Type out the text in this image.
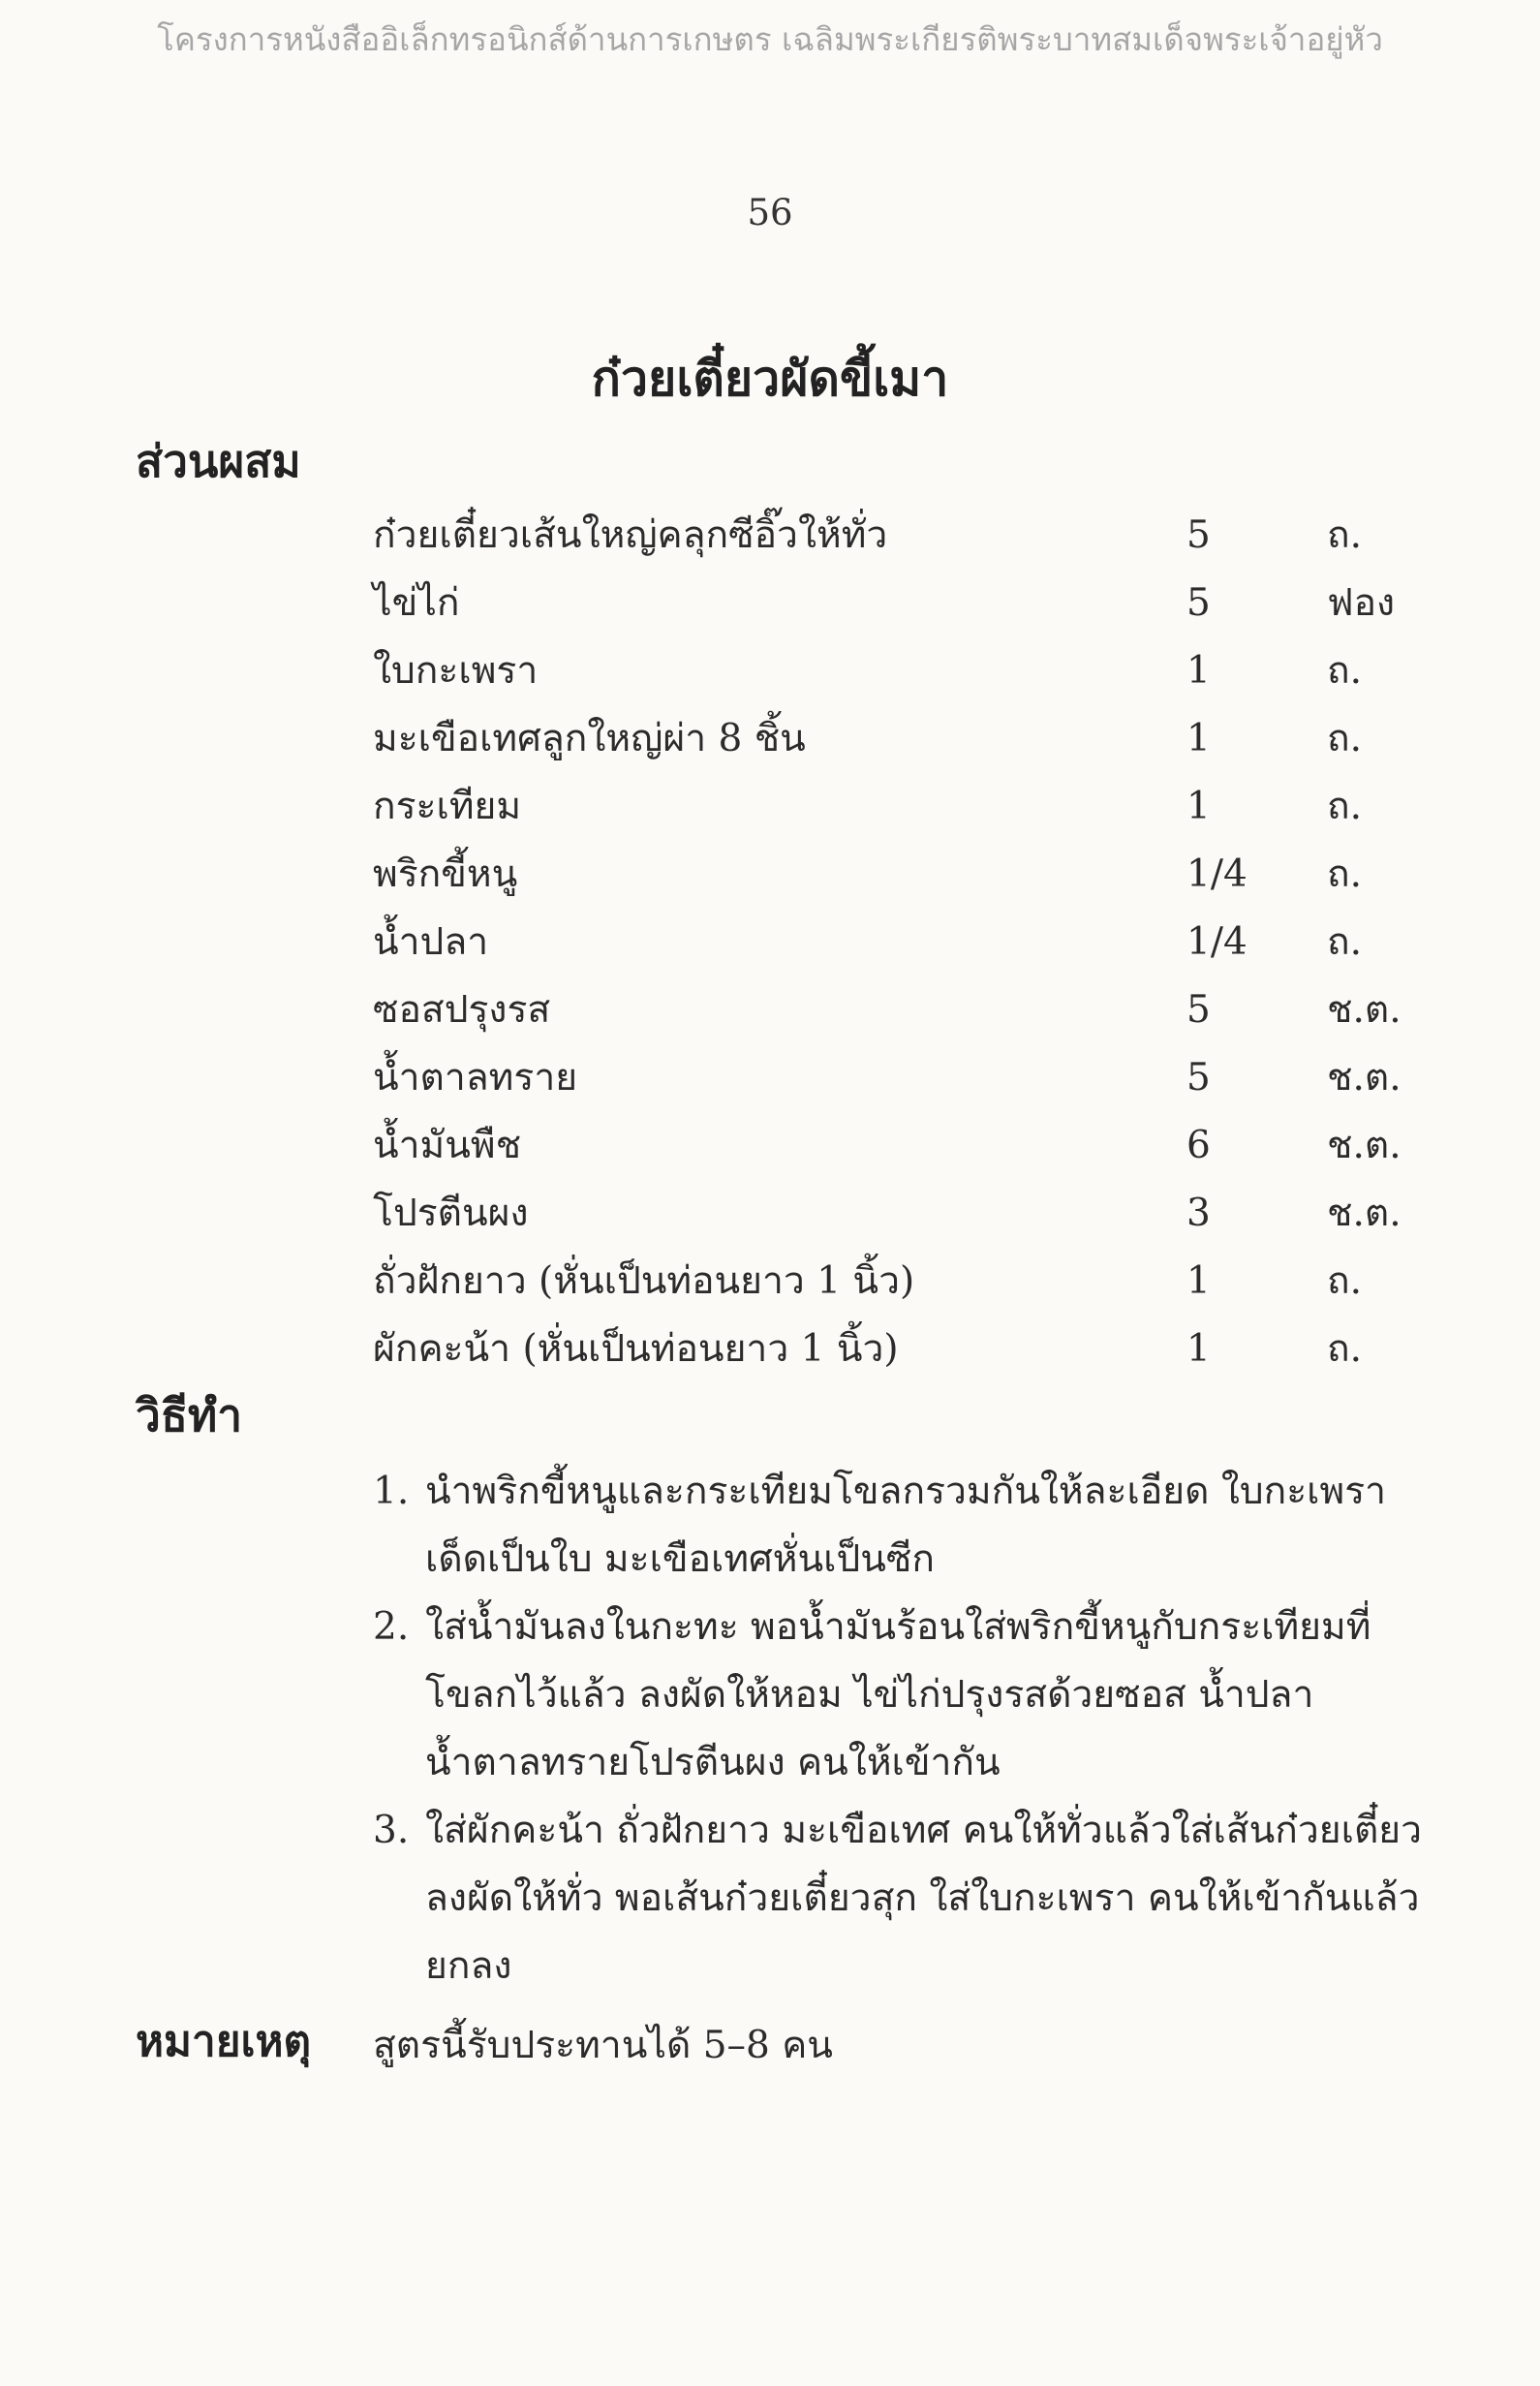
โครงการหนังสืออิเล็กทรอนิกส์ด้านการเกษตร เฉลิมพระเกียรติพระบาทสมเด็จพระเจ้าอยู่หัว
56
ก๋วยเตี๋ยวผัดขี้เมา
ส่วนผสม
ก๋วยเตี๋ยวเส้นใหญ่คลุกซีอิ๊วให้ทั่ว	5	ถ.
ไข่ไก่	5	ฟอง
ใบกะเพรา	1	ถ.
มะเขือเทศลูกใหญ่ผ่า 8 ชิ้น	1	ถ.
กระเทียม	1	ถ.
พริกขี้หนู	1/4	ถ.
น้ำปลา	1/4	ถ.
ซอสปรุงรส	5	ช.ต.
น้ำตาลทราย	5	ช.ต.
น้ำมันพืช	6	ช.ต.
โปรตีนผง	3	ช.ต.
ถั่วฝักยาว (หั่นเป็นท่อนยาว 1 นิ้ว)	1	ถ.
ผักคะน้า (หั่นเป็นท่อนยาว 1 นิ้ว)	1	ถ.
วิธีทำ
1. นำพริกขี้หนูและกระเทียมโขลกรวมกันให้ละเอียด ใบกะเพราเด็ดเป็นใบ มะเขือเทศหั่นเป็นซีก
2. ใส่น้ำมันลงในกะทะ พอน้ำมันร้อนใส่พริกขี้หนูกับกระเทียมที่โขลกไว้แล้ว ลงผัดให้หอม ไข่ไก่ปรุงรสด้วยซอส น้ำปลา น้ำตาลทรายโปรตีนผง คนให้เข้ากัน
3. ใส่ผักคะน้า ถั่วฝักยาว มะเขือเทศ คนให้ทั่วแล้วใส่เส้นก๋วยเตี๋ยวลงผัดให้ทั่ว พอเส้นก๋วยเตี๋ยวสุก ใส่ใบกะเพรา คนให้เข้ากันแล้วยกลง
หมายเหตุ สูตรนี้รับประทานได้ 5–8 คน
